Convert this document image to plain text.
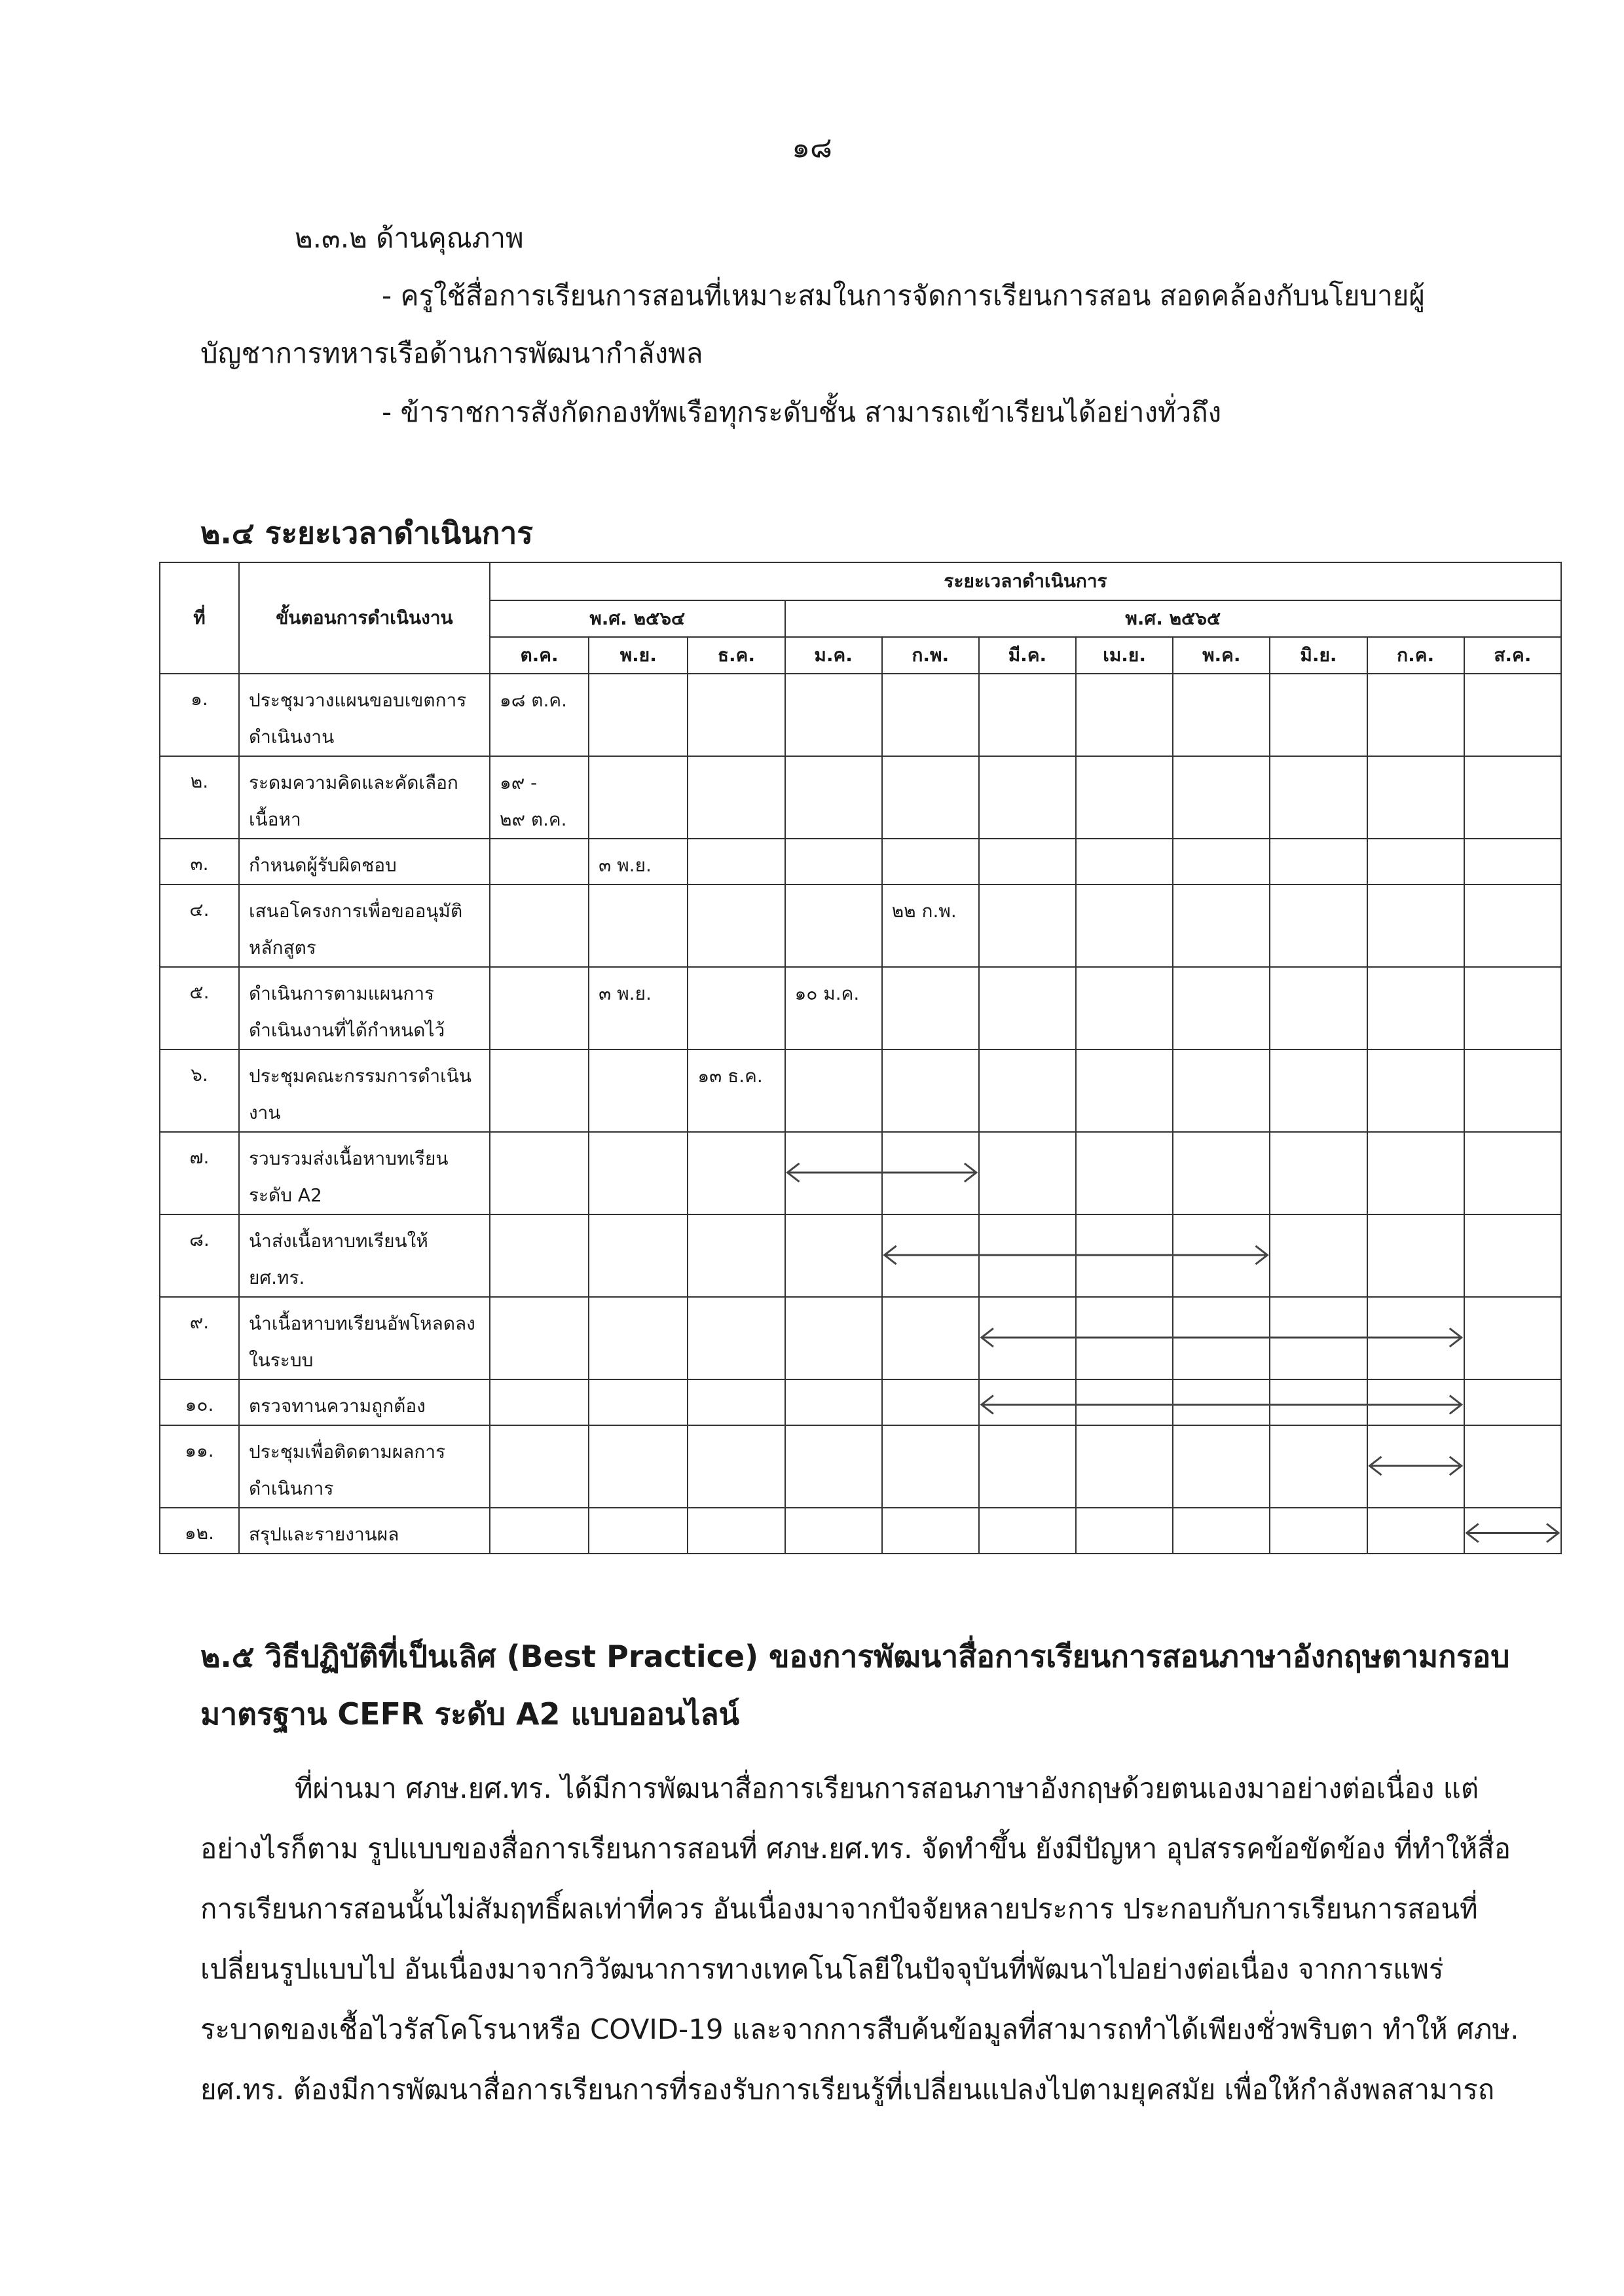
๑๘
๒.๓.๒ ด้านคุณภาพ
- ครูใช้สื่อการเรียนการสอนที่เหมาะสมในการจัดการเรียนการสอน สอดคล้องกับนโยบายผู้
บัญชาการทหารเรือด้านการพัฒนากำลังพล
- ข้าราชการสังกัดกองทัพเรือทุกระดับชั้น สามารถเข้าเรียนได้อย่างทั่วถึง
๒.๔ ระยะเวลาดำเนินการ
ที่	ขั้นตอนการดำเนินงาน	ระยะเวลาดำเนินการ										
		พ.ศ. ๒๕๖๔			พ.ศ. ๒๕๖๕							
		ต.ค.	พ.ย.	ธ.ค.	ม.ค.	ก.พ.	มี.ค.	เม.ย.	พ.ค.	มิ.ย.	ก.ค.	ส.ค.
๑.	ประชุมวางแผนขอบเขตการดำเนินงาน	๑๘ ต.ค.										

๒.	ระดมความคิดและคัดเลือกเนื้อหา	๑๙ -
๒๙ ต.ค.										

๓.	กำหนดผู้รับผิดชอบ		๓ พ.ย.									

๔.	เสนอโครงการเพื่อขออนุมัติหลักสูตร					๒๒ ก.พ.						

๕.	ดำเนินการตามแผนการดำเนินงานที่ได้กำหนดไว้		๓ พ.ย.		๑๐ ม.ค.							

๖.	ประชุมคณะกรรมการดำเนินงาน			๑๓ ธ.ค.								

๗.	รวบรวมส่งเนื้อหาบทเรียนระดับ A2											
๘.	นำส่งเนื้อหาบทเรียนให้ ยศ.ทร.											
๙.	นำเนื้อหาบทเรียนอัพโหลดลงในระบบ											
๑๐.	ตรวจทานความถูกต้อง											
๑๑.	ประชุมเพื่อติดตามผลการดำเนินการ											
๑๒.	สรุปและรายงานผล											
๒.๕ วิธีปฏิบัติที่เป็นเลิศ (Best Practice) ของการพัฒนาสื่อการเรียนการสอนภาษาอังกฤษตามกรอบ
มาตรฐาน CEFR ระดับ A2 แบบออนไลน์
ที่ผ่านมา ศภษ.ยศ.ทร. ได้มีการพัฒนาสื่อการเรียนการสอนภาษาอังกฤษด้วยตนเองมาอย่างต่อเนื่อง แต่
อย่างไรก็ตาม รูปแบบของสื่อการเรียนการสอนที่ ศภษ.ยศ.ทร. จัดทำขึ้น ยังมีปัญหา อุปสรรคข้อขัดข้อง ที่ทำให้สื่อ
การเรียนการสอนนั้นไม่สัมฤทธิ์ผลเท่าที่ควร อันเนื่องมาจากปัจจัยหลายประการ ประกอบกับการเรียนการสอนที่
เปลี่ยนรูปแบบไป อันเนื่องมาจากวิวัฒนาการทางเทคโนโลยีในปัจจุบันที่พัฒนาไปอย่างต่อเนื่อง จากการแพร่
ระบาดของเชื้อไวรัสโคโรนาหรือ COVID-19 และจากการสืบค้นข้อมูลที่สามารถทำได้เพียงชั่วพริบตา ทำให้ ศภษ.
ยศ.ทร. ต้องมีการพัฒนาสื่อการเรียนการที่รองรับการเรียนรู้ที่เปลี่ยนแปลงไปตามยุคสมัย เพื่อให้กำลังพลสามารถ
